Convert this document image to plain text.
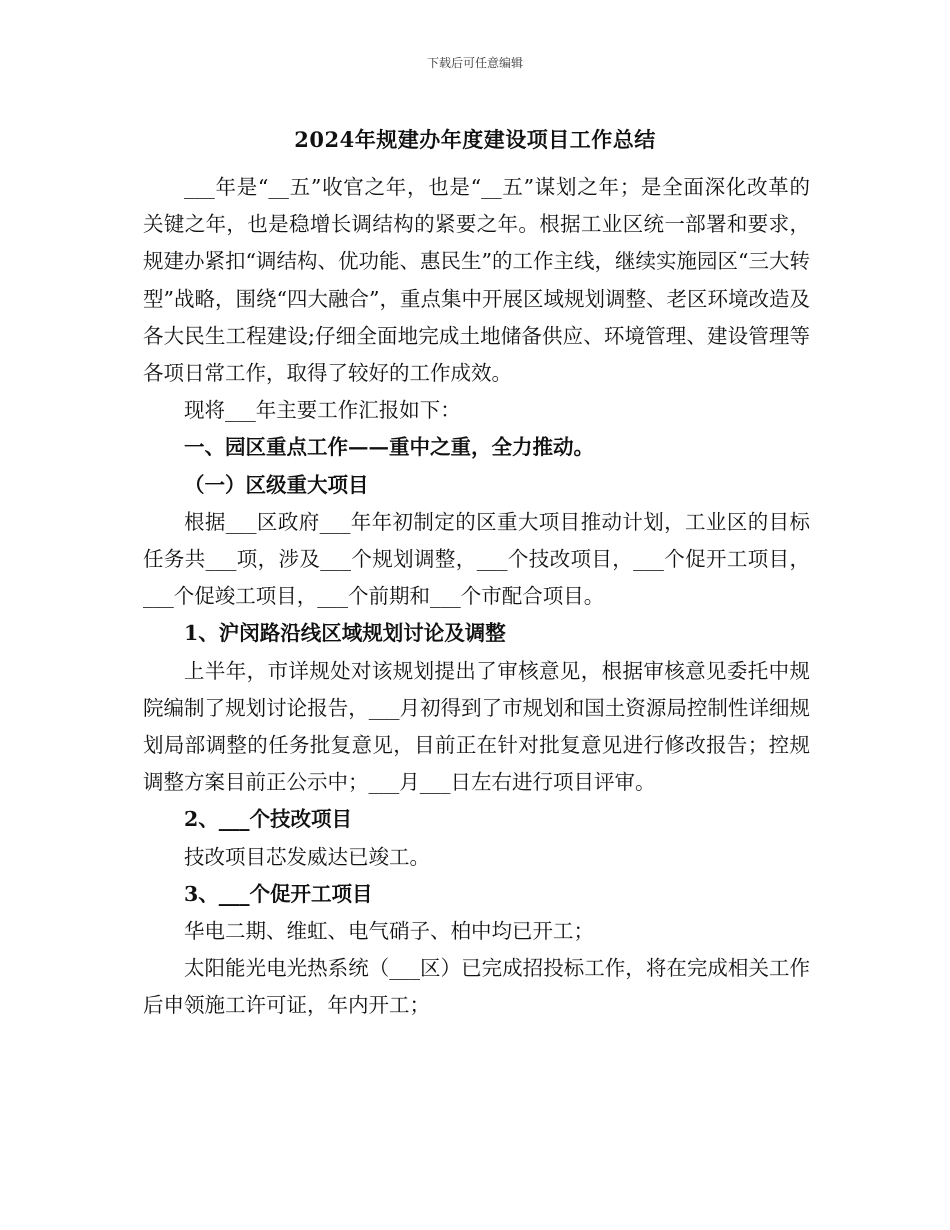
下载后可任意编辑
2024年规建办年度建设项目工作总结

___年是“__五”收官之年，也是“__五”谋划之年；是全面深化改革的关键之年，也是稳增长调结构的紧要之年。根据工业区统一部署和要求，规建办紧扣“调结构、优功能、惠民生”的工作主线，继续实施园区“三大转型”战略，围绕“四大融合”，重点集中开展区域规划调整、老区环境改造及各大民生工程建设;仔细全面地完成土地储备供应、环境管理、建设管理等各项日常工作，取得了较好的工作成效。

现将___年主要工作汇报如下：

一、园区重点工作——重中之重，全力推动。

（一）区级重大项目

根据___区政府___年年初制定的区重大项目推动计划，工业区的目标任务共___项，涉及___个规划调整，___个技改项目，___个促开工项目，___个促竣工项目，___个前期和___个市配合项目。

1、沪闵路沿线区域规划讨论及调整

上半年，市详规处对该规划提出了审核意见，根据审核意见委托中规院编制了规划讨论报告，___月初得到了市规划和国土资源局控制性详细规划局部调整的任务批复意见，目前正在针对批复意见进行修改报告；控规调整方案目前正公示中；___月___日左右进行项目评审。

2、___个技改项目

技改项目芯发威达已竣工。

3、___个促开工项目

华电二期、维虹、电气硝子、柏中均已开工；

太阳能光电光热系统（___区）已完成招投标工作，将在完成相关工作后申领施工许可证，年内开工；
